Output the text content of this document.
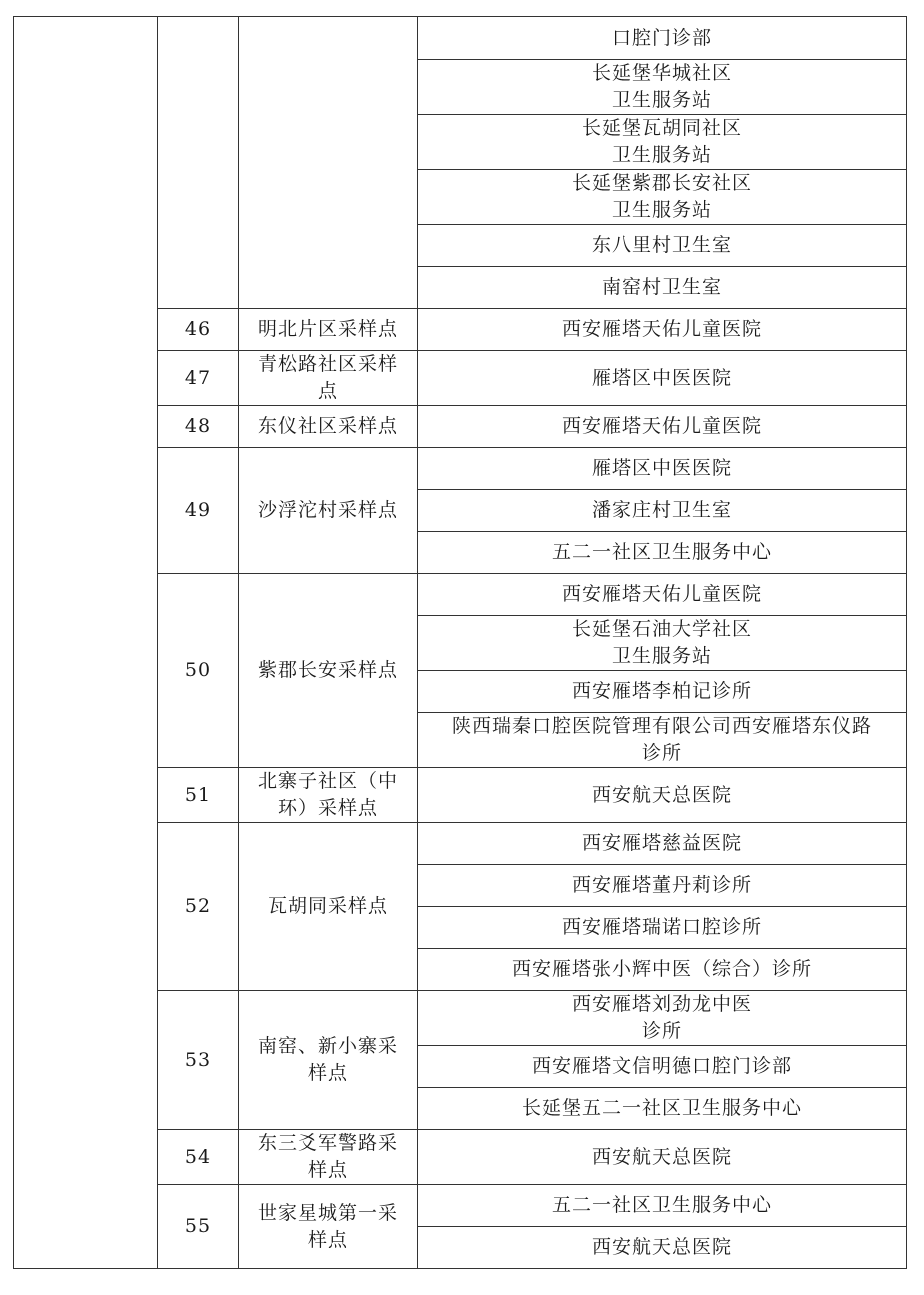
			口腔门诊部

			长延堡华城社区
卫生服务站

			长延堡瓦胡同社区
卫生服务站

			长延堡紫郡长安社区
卫生服务站

			东八里村卫生室

			南窑村卫生室

	46	明北片区采样点	西安雁塔天佑儿童医院

	47	青松路社区采样
点	雁塔区中医医院

	48	东仪社区采样点	西安雁塔天佑儿童医院

	49	沙浮沱村采样点	雁塔区中医医院

			潘家庄村卫生室

			五二一社区卫生服务中心

	50	紫郡长安采样点	西安雁塔天佑儿童医院

			长延堡石油大学社区
卫生服务站

			西安雁塔李柏记诊所

			陕西瑞秦口腔医院管理有限公司西安雁塔东仪路
诊所

	51	北寨子社区（中
环）采样点	西安航天总医院

	52	瓦胡同采样点	西安雁塔慈益医院

			西安雁塔董丹莉诊所

			西安雁塔瑞诺口腔诊所

			西安雁塔张小辉中医（综合）诊所

	53	南窑、新小寨采
样点	西安雁塔刘劲龙中医
诊所

			西安雁塔文信明德口腔门诊部

			长延堡五二一社区卫生服务中心

	54	东三爻军警路采
样点	西安航天总医院

	55	世家星城第一采
样点	五二一社区卫生服务中心

			西安航天总医院
